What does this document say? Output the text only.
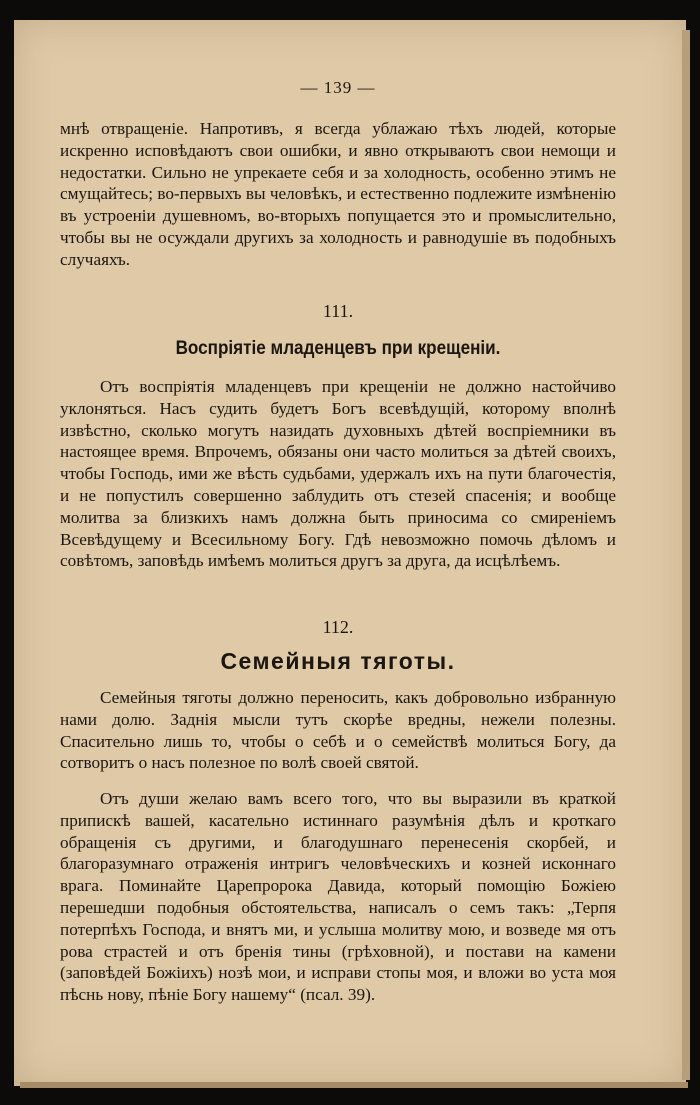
— 139 —

мнѣ отвращеніе. Напротивъ, я всегда ублажаю тѣхъ людей, которые искренно исповѣдаютъ свои ошибки, и явно открываютъ свои немощи и недостатки. Сильно не упрекаете себя и за холодность, особенно этимъ не смущайтесь; во-первыхъ вы человѣкъ, и естественно подлежите измѣненію въ устроеніи душевномъ, во-вторыхъ попущается это и промыслительно, чтобы вы не осуждали другихъ за холодность и равнодушіе въ подобныхъ случаяхъ.

111.
Воспріятіе младенцевъ при крещеніи.

Отъ воспріятія младенцевъ при крещеніи не должно настойчиво уклоняться. Насъ судить будетъ Богъ всевѣдущій, которому вполнѣ извѣстно, сколько могутъ назидать духовныхъ дѣтей воспріемники въ настоящее время. Впрочемъ, обязаны они часто молиться за дѣтей своихъ, чтобы Господь, ими же вѣсть судьбами, удержалъ ихъ на пути благочестія, и не попустилъ совершенно заблудить отъ стезей спасенія; и вообще молитва за близкихъ намъ должна быть приносима со смиреніемъ Всевѣдущему и Всесильному Богу. Гдѣ невозможно помочь дѣломъ и совѣтомъ, заповѣдь имѣемъ молиться другъ за друга, да исцѣлѣемъ.

112.
Семейныя тяготы.

Семейныя тяготы должно переносить, какъ добровольно избранную нами долю. Заднія мысли тутъ скорѣе вредны, нежели полезны. Спасительно лишь то, чтобы о себѣ и о семействѣ молиться Богу, да сотворитъ о насъ полезное по волѣ своей святой.

Отъ души желаю вамъ всего того, что вы выразили въ краткой припискѣ вашей, касательно истиннаго разумѣнія дѣлъ и кроткаго обращенія съ другими, и благодушнаго перенесенія скорбей, и благоразумнаго отраженія интригъ человѣческихъ и козней исконнаго врага. Поминайте Царепророка Давида, который помощію Божіею перешедши подобныя обстоятельства, написалъ о семъ такъ: „Терпя потерпѣхъ Господа, и внятъ ми, и услыша молитву мою, и возведе мя отъ рова страстей и отъ бренія тины (грѣховной), и постави на камени (заповѣдей Божіихъ) нозѣ мои, и исправи стопы моя, и вложи во уста моя пѣснь нову, пѣніе Богу нашему“ (псал. 39).
